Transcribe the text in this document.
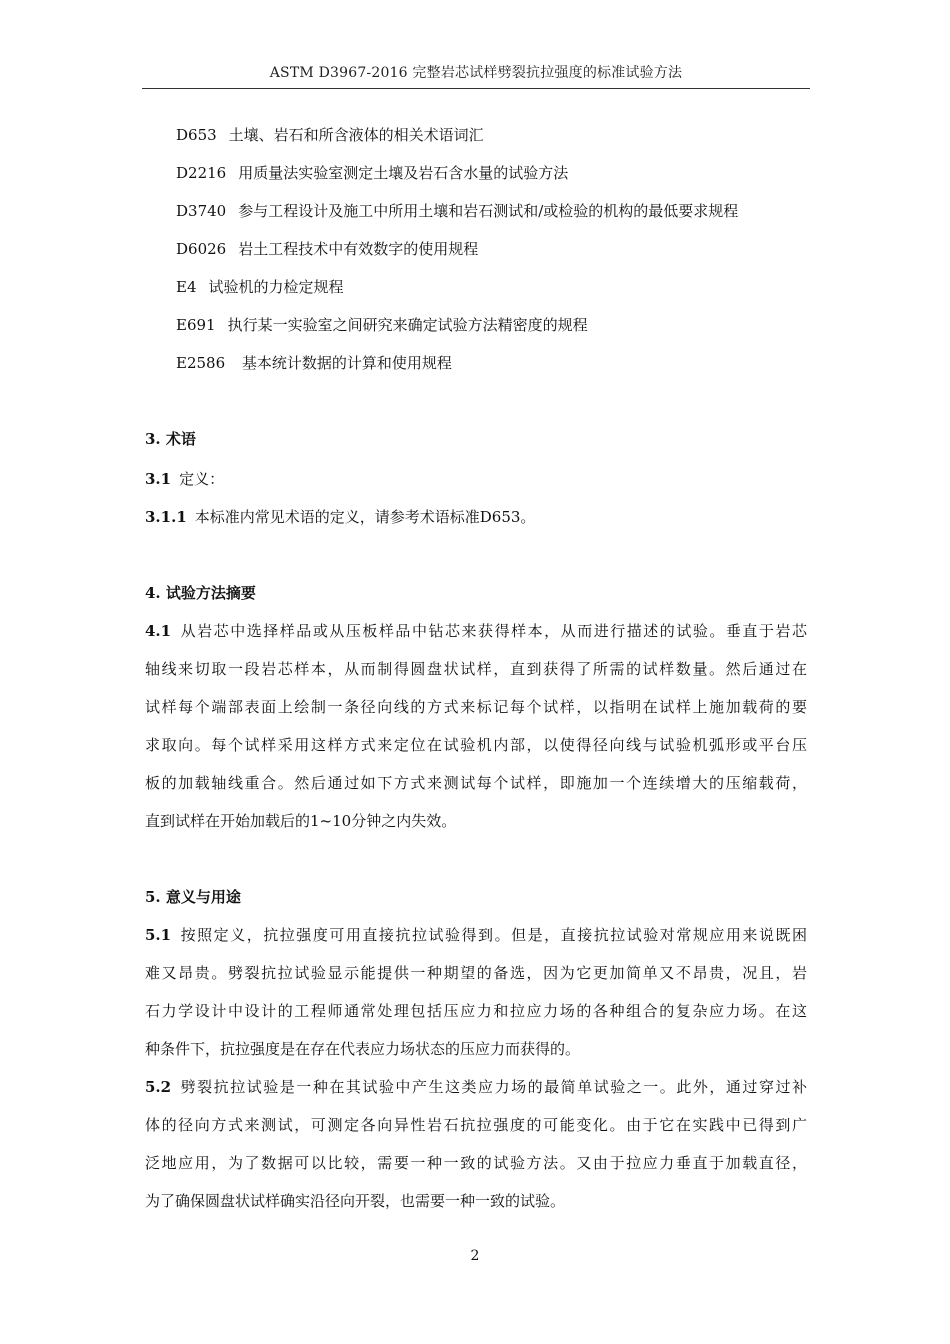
ASTM D3967-2016 完整岩芯试样劈裂抗拉强度的标准试验方法
D653 土壤、岩石和所含液体的相关术语词汇
D2216 用质量法实验室测定土壤及岩石含水量的试验方法
D3740 参与工程设计及施工中所用土壤和岩石测试和/或检验的机构的最低要求规程
D6026 岩土工程技术中有效数字的使用规程
E4 试验机的力检定规程
E691 执行某一实验室之间研究来确定试验方法精密度的规程
E2586 基本统计数据的计算和使用规程
3. 术语
3.1 定义：
3.1.1 本标准内常见术语的定义，请参考术语标准D653。
4. 试验方法摘要
4.1 从岩芯中选择样品或从压板样品中钻芯来获得样本，从而进行描述的试验。垂直于岩芯
轴线来切取一段岩芯样本，从而制得圆盘状试样，直到获得了所需的试样数量。然后通过在
试样每个端部表面上绘制一条径向线的方式来标记每个试样，以指明在试样上施加载荷的要
求取向。每个试样采用这样方式来定位在试验机内部，以使得径向线与试验机弧形或平台压
板的加载轴线重合。然后通过如下方式来测试每个试样，即施加一个连续增大的压缩载荷，
直到试样在开始加载后的1~10分钟之内失效。
5. 意义与用途
5.1 按照定义，抗拉强度可用直接抗拉试验得到。但是，直接抗拉试验对常规应用来说既困
难又昂贵。劈裂抗拉试验显示能提供一种期望的备选，因为它更加简单又不昂贵，况且，岩
石力学设计中设计的工程师通常处理包括压应力和拉应力场的各种组合的复杂应力场。在这
种条件下，抗拉强度是在存在代表应力场状态的压应力而获得的。
5.2 劈裂抗拉试验是一种在其试验中产生这类应力场的最简单试验之一。此外，通过穿过补
体的径向方式来测试，可测定各向异性岩石抗拉强度的可能变化。由于它在实践中已得到广
泛地应用，为了数据可以比较，需要一种一致的试验方法。又由于拉应力垂直于加载直径，
为了确保圆盘状试样确实沿径向开裂，也需要一种一致的试验。
2
